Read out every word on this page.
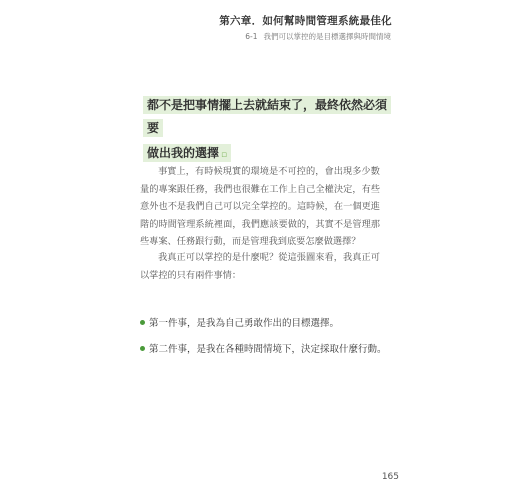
第六章．如何幫時間管理系統最佳化
6-1 我們可以掌控的是目標選擇與時間情境
都不是把事情擺上去就結束了，最終依然必須要
做出我的選擇 ▫
事實上，有時候現實的環境是不可控的，會出現多少數量的專案跟任務，我們也很難在工作上自己全權決定，有些意外也不是我們自己可以完全掌控的。這時候，在一個更進階的時間管理系統裡面，我們應該要做的，其實不是管理那些專案、任務跟行動，而是管理我到底要怎麼做選擇？
我真正可以掌控的是什麼呢？從這張圖來看，我真正可以掌控的只有兩件事情：
第一件事，是我為自己勇敢作出的目標選擇。
第二件事，是我在各種時間情境下，決定採取什麼行動。
165
